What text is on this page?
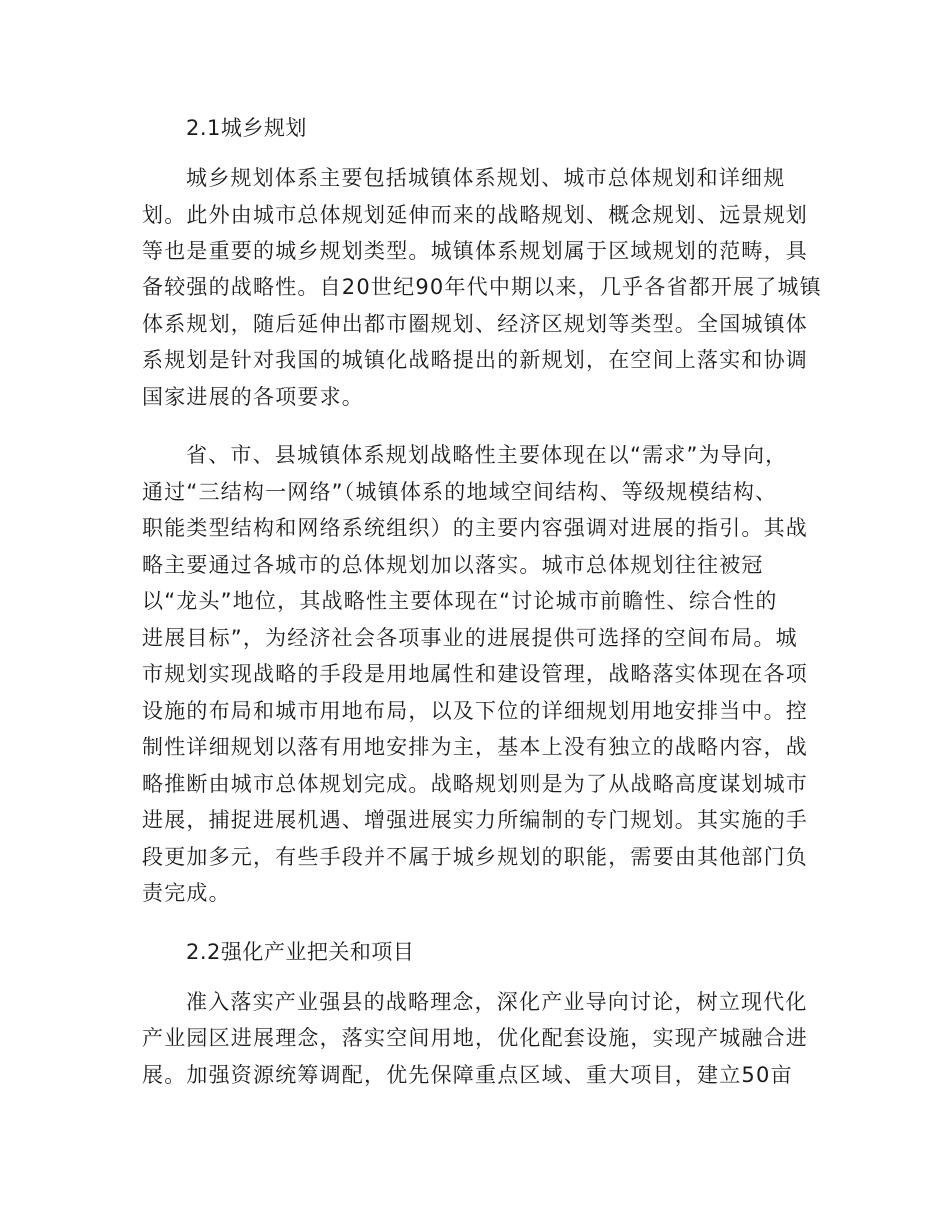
2.1城乡规划
城乡规划体系主要包括城镇体系规划、城市总体规划和详细规
划。此外由城市总体规划延伸而来的战略规划、概念规划、远景规划
等也是重要的城乡规划类型。城镇体系规划属于区域规划的范畴，具
备较强的战略性。自20世纪90年代中期以来，几乎各省都开展了城镇
体系规划，随后延伸出都市圈规划、经济区规划等类型。全国城镇体
系规划是针对我国的城镇化战略提出的新规划，在空间上落实和协调
国家进展的各项要求。
省、市、县城镇体系规划战略性主要体现在以“需求”为导向，
通过“三结构一网络”（城镇体系的地域空间结构、等级规模结构、
职能类型结构和网络系统组织）的主要内容强调对进展的指引。其战
略主要通过各城市的总体规划加以落实。城市总体规划往往被冠
以“龙头”地位，其战略性主要体现在“讨论城市前瞻性、综合性的
进展目标”，为经济社会各项事业的进展提供可选择的空间布局。城
市规划实现战略的手段是用地属性和建设管理，战略落实体现在各项
设施的布局和城市用地布局，以及下位的详细规划用地安排当中。控
制性详细规划以落有用地安排为主，基本上没有独立的战略内容，战
略推断由城市总体规划完成。战略规划则是为了从战略高度谋划城市
进展，捕捉进展机遇、增强进展实力所编制的专门规划。其实施的手
段更加多元，有些手段并不属于城乡规划的职能，需要由其他部门负
责完成。
2.2强化产业把关和项目
准入落实产业强县的战略理念，深化产业导向讨论，树立现代化
产业园区进展理念，落实空间用地，优化配套设施，实现产城融合进
展。加强资源统筹调配，优先保障重点区域、重大项目，建立50亩
